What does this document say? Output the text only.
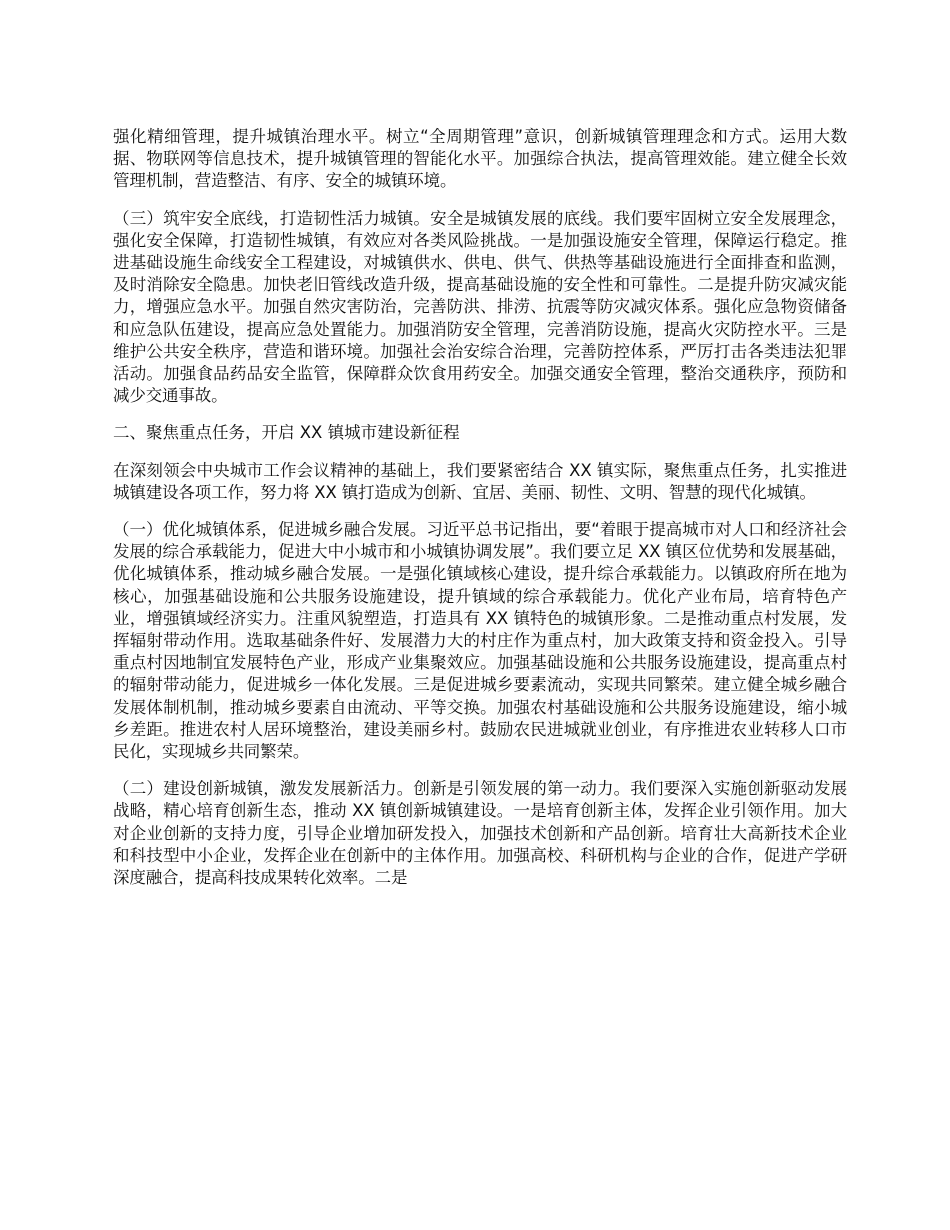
强化精细管理，提升城镇治理水平。树立“全周期管理”意识，创新城镇管理理念和方式。运用大数据、物联网等信息技术，提升城镇管理的智能化水平。加强综合执法，提高管理效能。建立健全长效管理机制，营造整洁、有序、安全的城镇环境。

（三）筑牢安全底线，打造韧性活力城镇。安全是城镇发展的底线。我们要牢固树立安全发展理念，强化安全保障，打造韧性城镇，有效应对各类风险挑战。一是加强设施安全管理，保障运行稳定。推进基础设施生命线安全工程建设，对城镇供水、供电、供气、供热等基础设施进行全面排查和监测，及时消除安全隐患。加快老旧管线改造升级，提高基础设施的安全性和可靠性。二是提升防灾减灾能力，增强应急水平。加强自然灾害防治，完善防洪、排涝、抗震等防灾减灾体系。强化应急物资储备和应急队伍建设，提高应急处置能力。加强消防安全管理，完善消防设施，提高火灾防控水平。三是维护公共安全秩序，营造和谐环境。加强社会治安综合治理，完善防控体系，严厉打击各类违法犯罪活动。加强食品药品安全监管，保障群众饮食用药安全。加强交通安全管理，整治交通秩序，预防和减少交通事故。

二、聚焦重点任务，开启 XX 镇城市建设新征程

在深刻领会中央城市工作会议精神的基础上，我们要紧密结合 XX 镇实际，聚焦重点任务，扎实推进城镇建设各项工作，努力将 XX 镇打造成为创新、宜居、美丽、韧性、文明、智慧的现代化城镇。

（一）优化城镇体系，促进城乡融合发展。习近平总书记指出，要“着眼于提高城市对人口和经济社会发展的综合承载能力，促进大中小城市和小城镇协调发展”。我们要立足 XX 镇区位优势和发展基础，优化城镇体系，推动城乡融合发展。一是强化镇域核心建设，提升综合承载能力。以镇政府所在地为核心，加强基础设施和公共服务设施建设，提升镇域的综合承载能力。优化产业布局，培育特色产业，增强镇域经济实力。注重风貌塑造，打造具有 XX 镇特色的城镇形象。二是推动重点村发展，发挥辐射带动作用。选取基础条件好、发展潜力大的村庄作为重点村，加大政策支持和资金投入。引导重点村因地制宜发展特色产业，形成产业集聚效应。加强基础设施和公共服务设施建设，提高重点村的辐射带动能力，促进城乡一体化发展。三是促进城乡要素流动，实现共同繁荣。建立健全城乡融合发展体制机制，推动城乡要素自由流动、平等交换。加强农村基础设施和公共服务设施建设，缩小城乡差距。推进农村人居环境整治，建设美丽乡村。鼓励农民进城就业创业，有序推进农业转移人口市民化，实现城乡共同繁荣。

（二）建设创新城镇，激发发展新活力。创新是引领发展的第一动力。我们要深入实施创新驱动发展战略，精心培育创新生态，推动 XX 镇创新城镇建设。一是培育创新主体，发挥企业引领作用。加大对企业创新的支持力度，引导企业增加研发投入，加强技术创新和产品创新。培育壮大高新技术企业和科技型中小企业，发挥企业在创新中的主体作用。加强高校、科研机构与企业的合作，促进产学研深度融合，提高科技成果转化效率。二是
